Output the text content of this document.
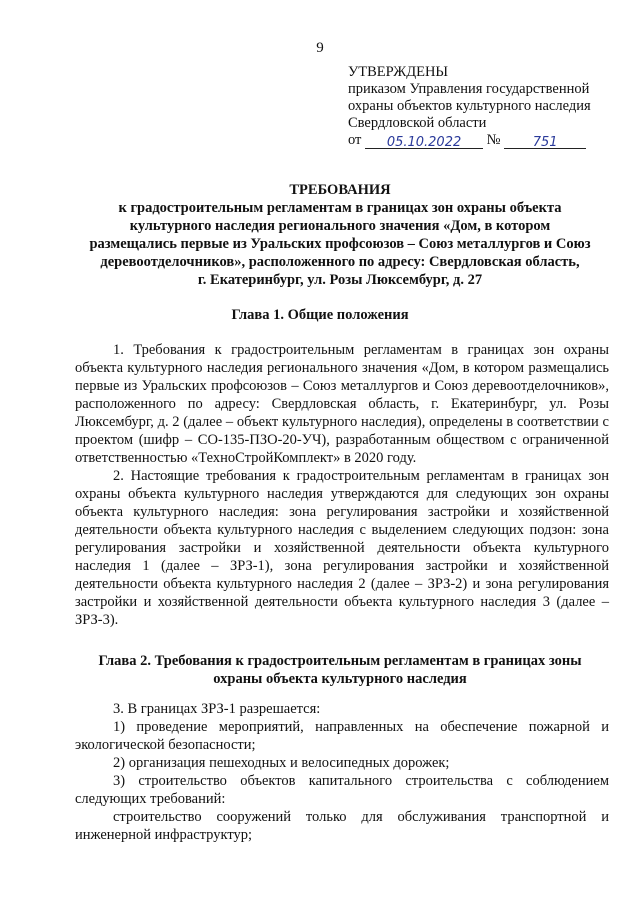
9
УТВЕРЖДЕНЫ
приказом Управления государственной
охраны объектов культурного наследия
Свердловской области
от 05.10.2022 № 751
ТРЕБОВАНИЯ
к градостроительным регламентам в границах зон охраны объекта
культурного наследия регионального значения «Дом, в котором
размещались первые из Уральских профсоюзов – Союз металлургов и Союз
деревоотделочников», расположенного по адресу: Свердловская область,
г. Екатеринбург, ул. Розы Люксембург, д. 27
Глава 1. Общие положения
1. Требования к градостроительным регламентам в границах зон охраны объекта культурного наследия регионального значения «Дом, в котором размещались первые из Уральских профсоюзов – Союз металлургов и Союз деревоотделочников», расположенного по адресу: Свердловская область, г. Екатеринбург, ул. Розы Люксембург, д. 2 (далее – объект культурного наследия), определены в соответствии с проектом (шифр – СО-135-ПЗО-20-УЧ), разработанным обществом с ограниченной ответственностью «ТехноСтройКомплект» в 2020 году.
2. Настоящие требования к градостроительным регламентам в границах зон охраны объекта культурного наследия утверждаются для следующих зон охраны объекта культурного наследия: зона регулирования застройки и хозяйственной деятельности объекта культурного наследия с выделением следующих подзон: зона регулирования застройки и хозяйственной деятельности объекта культурного наследия 1 (далее – ЗРЗ-1), зона регулирования застройки и хозяйственной деятельности объекта культурного наследия 2 (далее – ЗРЗ-2) и зона регулирования застройки и хозяйственной деятельности объекта культурного наследия 3 (далее – ЗРЗ-3).
Глава 2. Требования к градостроительным регламентам в границах зоны
охраны объекта культурного наследия
3. В границах ЗРЗ-1 разрешается:
1) проведение мероприятий, направленных на обеспечение пожарной и экологической безопасности;
2) организация пешеходных и велосипедных дорожек;
3) строительство объектов капитального строительства с соблюдением следующих требований:
строительство сооружений только для обслуживания транспортной и инженерной инфраструктур;
